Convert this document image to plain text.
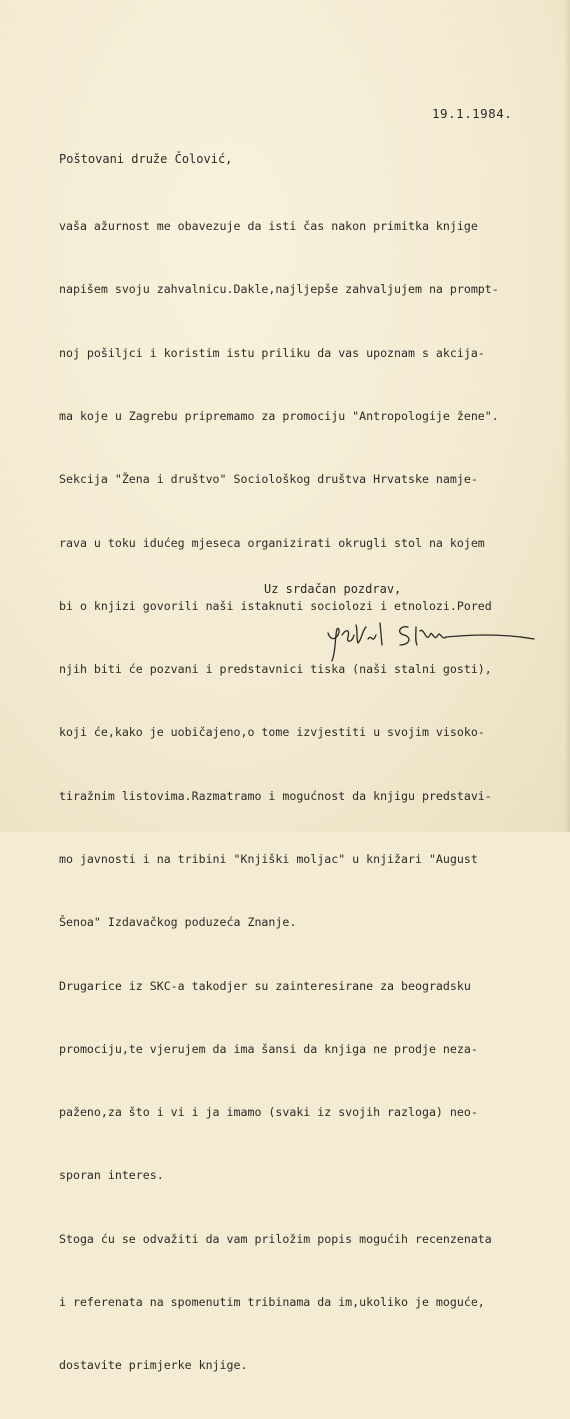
19.1.1984.
Poštovani druže Čolović,

vaša ažurnost me obavezuje da isti čas nakon primitka knjige

napišem svoju zahvalnicu.Dakle,najljepše zahvaljujem na prompt-

noj pošiljci i koristim istu priliku da vas upoznam s akcija-

ma koje u Zagrebu pripremamo za promociju "Antropologije žene".

Sekcija "Žena i društvo" Sociološkog društva Hrvatske namje-

rava u toku idućeg mjeseca organizirati okrugli stol na kojem

bi o knjizi govorili naši istaknuti sociolozi i etnolozi.Pored

njih biti će pozvani i predstavnici tiska (naši stalni gosti),

koji će,kako je uobičajeno,o tome izvjestiti u svojim visoko-

tiražnim listovima.Razmatramo i mogućnost da knjigu predstavi-

mo javnosti i na tribini "Knjiški moljac" u knjižari "August

Šenoa" Izdavačkog poduzeća Znanje.

Drugarice iz SKC-a takodjer su zainteresirane za beogradsku

promociju,te vjerujem da ima šansi da knjiga ne prodje neza-

paženo,za što i vi i ja imamo (svaki iz svojih razloga) neo-

sporan interes.

Stoga ću se odvažiti da vam priložim popis mogućih recenzenata

i referenata na spomenutim tribinama da im,ukoliko je moguće,

dostavite primjerke knjige.

Uz srdačan pozdrav,
